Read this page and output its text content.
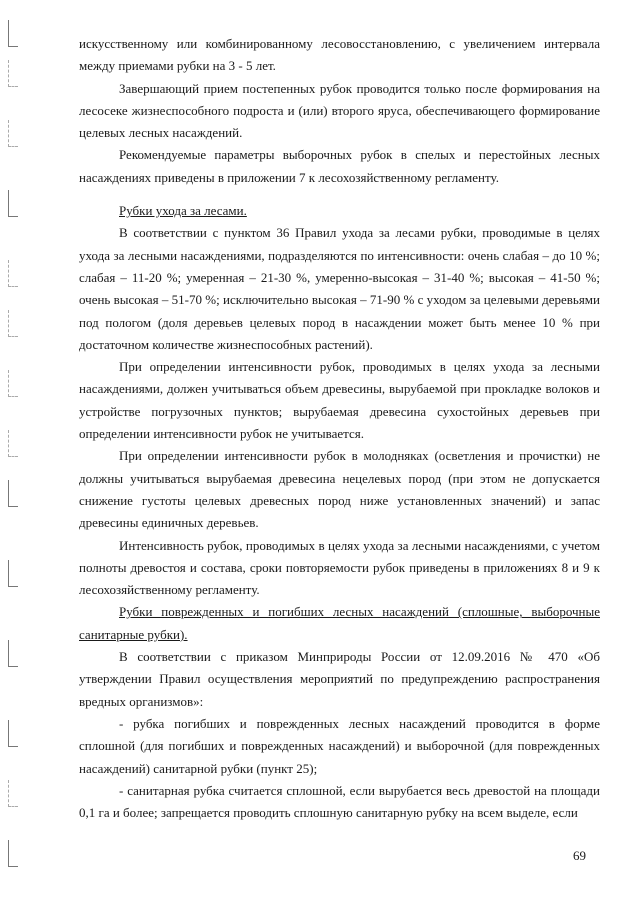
искусственному или комбинированному лесовосстановлению, с увеличением интервала между приемами рубки на 3 - 5 лет.

Завершающий прием постепенных рубок проводится только после формирования на лесосеке жизнеспособного подроста и (или) второго яруса, обеспечивающего формирование целевых лесных насаждений.

Рекомендуемые параметры выборочных рубок в спелых и перестойных лесных насаждениях приведены в приложении 7 к лесохозяйственному регламенту.

Рубки ухода за лесами.

В соответствии с пунктом 36 Правил ухода за лесами рубки, проводимые в целях ухода за лесными насаждениями, подразделяются по интенсивности: очень слабая – до 10 %; слабая – 11-20 %; умеренная – 21-30 %, умеренно-высокая – 31-40 %; высокая – 41-50 %; очень высокая – 51-70 %; исключительно высокая – 71-90 % с уходом за целевыми деревьями под пологом (доля деревьев целевых пород в насаждении может быть менее 10 % при достаточном количестве жизнеспособных растений).

При определении интенсивности рубок, проводимых в целях ухода за лесными насаждениями, должен учитываться объем древесины, вырубаемой при прокладке волоков и устройстве погрузочных пунктов; вырубаемая древесина сухостойных деревьев при определении интенсивности рубок не учитывается.

При определении интенсивности рубок в молодняках (осветления и прочистки) не должны учитываться вырубаемая древесина нецелевых пород (при этом не допускается снижение густоты целевых древесных пород ниже установленных значений) и запас древесины единичных деревьев.

Интенсивность рубок, проводимых в целях ухода за лесными насаждениями, с учетом полноты древостоя и состава, сроки повторяемости рубок приведены в приложениях 8 и 9 к лесохозяйственному регламенту.

Рубки поврежденных и погибших лесных насаждений (сплошные, выборочные санитарные рубки).

В соответствии с приказом Минприроды России от 12.09.2016 № 470 «Об утверждении Правил осуществления мероприятий по предупреждению распространения вредных организмов»:

- рубка погибших и поврежденных лесных насаждений проводится в форме сплошной (для погибших и поврежденных насаждений) и выборочной (для поврежденных насаждений) санитарной рубки (пункт 25);

- санитарная рубка считается сплошной, если вырубается весь древостой на площади 0,1 га и более; запрещается проводить сплошную санитарную рубку на всем выделе, если

69
